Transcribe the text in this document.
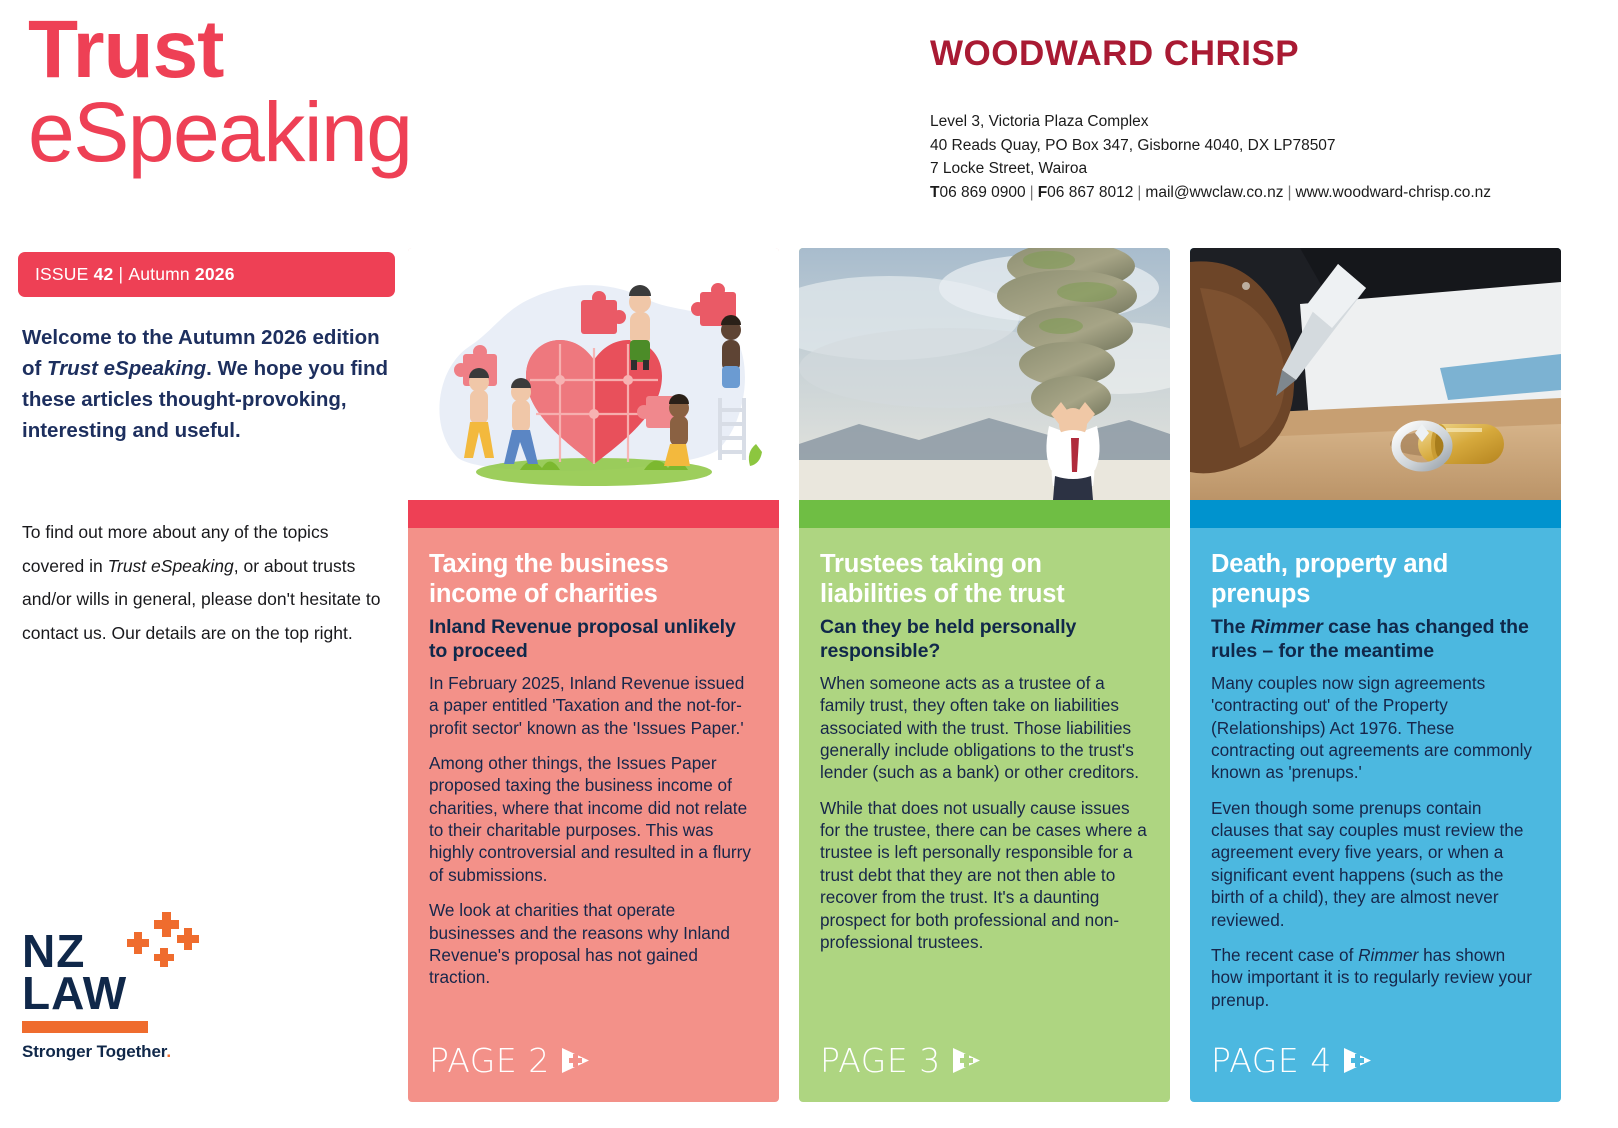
Trust
eSpeaking
WOODWARD CHRISP
Level 3, Victoria Plaza Complex
40 Reads Quay, PO Box 347, Gisborne 4040, DX LP78507
7 Locke Street, Wairoa
T06 869 0900 | F06 867 8012 | mail@wwclaw.co.nz | www.woodward-chrisp.co.nz
ISSUE 42 | Autumn 2026
Welcome to the Autumn 2026 edition of Trust eSpeaking. We hope you find these articles thought-provoking, interesting and useful.
To find out more about any of the topics covered in Trust eSpeaking, or about trusts and/or wills in general, please don't hesitate to contact us. Our details are on the top right.
NZ
LAW
Stronger Together.
Taxing the business income of charities
Inland Revenue proposal unlikely to proceed
In February 2025, Inland Revenue issued a paper entitled 'Taxation and the not-for-profit sector' known as the 'Issues Paper.'
Among other things, the Issues Paper proposed taxing the business income of charities, where that income did not relate to their charitable purposes. This was highly controversial and resulted in a flurry of submissions.
We look at charities that operate businesses and the reasons why Inland Revenue's proposal has not gained traction.
PAGE 2
Trustees taking on liabilities of the trust
Can they be held personally responsible?
When someone acts as a trustee of a family trust, they often take on liabilities associated with the trust. Those liabilities generally include obligations to the trust's lender (such as a bank) or other creditors.
While that does not usually cause issues for the trustee, there can be cases where a trustee is left personally responsible for a trust debt that they are not then able to recover from the trust. It's a daunting prospect for both professional and non-professional trustees.
PAGE 3
Death, property and prenups
The Rimmer case has changed the rules – for the meantime
Many couples now sign agreements 'contracting out' of the Property (Relationships) Act 1976. These contracting out agreements are commonly known as 'prenups.'
Even though some prenups contain clauses that say couples must review the agreement every five years, or when a significant event happens (such as the birth of a child), they are almost never reviewed.
The recent case of Rimmer has shown how important it is to regularly review your prenup.
PAGE 4
